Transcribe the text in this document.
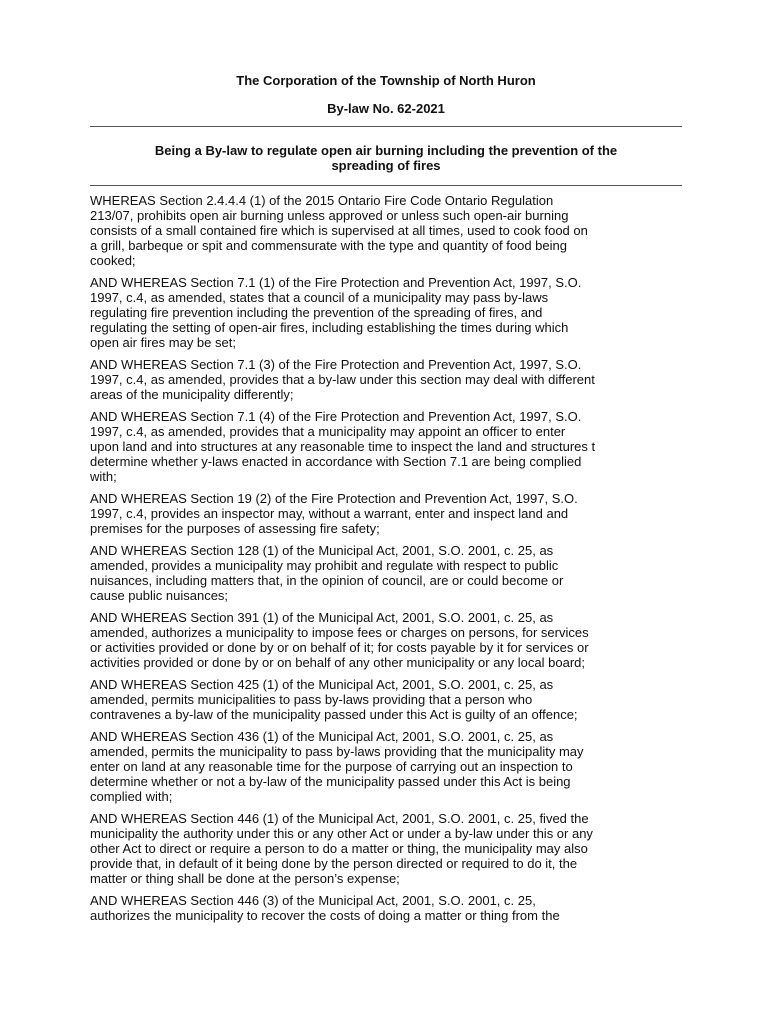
The Corporation of the Township of North Huron
By-law No. 62-2021
Being a By-law to regulate open air burning including the prevention of the
spreading of fires

WHEREAS Section 2.4.4.4 (1) of the 2015 Ontario Fire Code Ontario Regulation
213/07, prohibits open air burning unless approved or unless such open-air burning
consists of a small contained fire which is supervised at all times, used to cook food on
a grill, barbeque or spit and commensurate with the type and quantity of food being
cooked;

AND WHEREAS Section 7.1 (1) of the Fire Protection and Prevention Act, 1997, S.O.
1997, c.4, as amended, states that a council of a municipality may pass by-laws
regulating fire prevention including the prevention of the spreading of fires, and
regulating the setting of open-air fires, including establishing the times during which
open air fires may be set;

AND WHEREAS Section 7.1 (3) of the Fire Protection and Prevention Act, 1997, S.O.
1997, c.4, as amended, provides that a by-law under this section may deal with different
areas of the municipality differently;

AND WHEREAS Section 7.1 (4) of the Fire Protection and Prevention Act, 1997, S.O.
1997, c.4, as amended, provides that a municipality may appoint an officer to enter
upon land and into structures at any reasonable time to inspect the land and structures t
determine whether y-laws enacted in accordance with Section 7.1 are being complied
with;

AND WHEREAS Section 19 (2) of the Fire Protection and Prevention Act, 1997, S.O.
1997, c.4, provides an inspector may, without a warrant, enter and inspect land and
premises for the purposes of assessing fire safety;

AND WHEREAS Section 128 (1) of the Municipal Act, 2001, S.O. 2001, c. 25, as
amended, provides a municipality may prohibit and regulate with respect to public
nuisances, including matters that, in the opinion of council, are or could become or
cause public nuisances;

AND WHEREAS Section 391 (1) of the Municipal Act, 2001, S.O. 2001, c. 25, as
amended, authorizes a municipality to impose fees or charges on persons, for services
or activities provided or done by or on behalf of it; for costs payable by it for services or
activities provided or done by or on behalf of any other municipality or any local board;

AND WHEREAS Section 425 (1) of the Municipal Act, 2001, S.O. 2001, c. 25, as
amended, permits municipalities to pass by-laws providing that a person who
contravenes a by-law of the municipality passed under this Act is guilty of an offence;

AND WHEREAS Section 436 (1) of the Municipal Act, 2001, S.O. 2001, c. 25, as
amended, permits the municipality to pass by-laws providing that the municipality may
enter on land at any reasonable time for the purpose of carrying out an inspection to
determine whether or not a by-law of the municipality passed under this Act is being
complied with;

AND WHEREAS Section 446 (1) of the Municipal Act, 2001, S.O. 2001, c. 25, fived the
municipality the authority under this or any other Act or under a by-law under this or any
other Act to direct or require a person to do a matter or thing, the municipality may also
provide that, in default of it being done by the person directed or required to do it, the
matter or thing shall be done at the person’s expense;

AND WHEREAS Section 446 (3) of the Municipal Act, 2001, S.O. 2001, c. 25,
authorizes the municipality to recover the costs of doing a matter or thing from the
